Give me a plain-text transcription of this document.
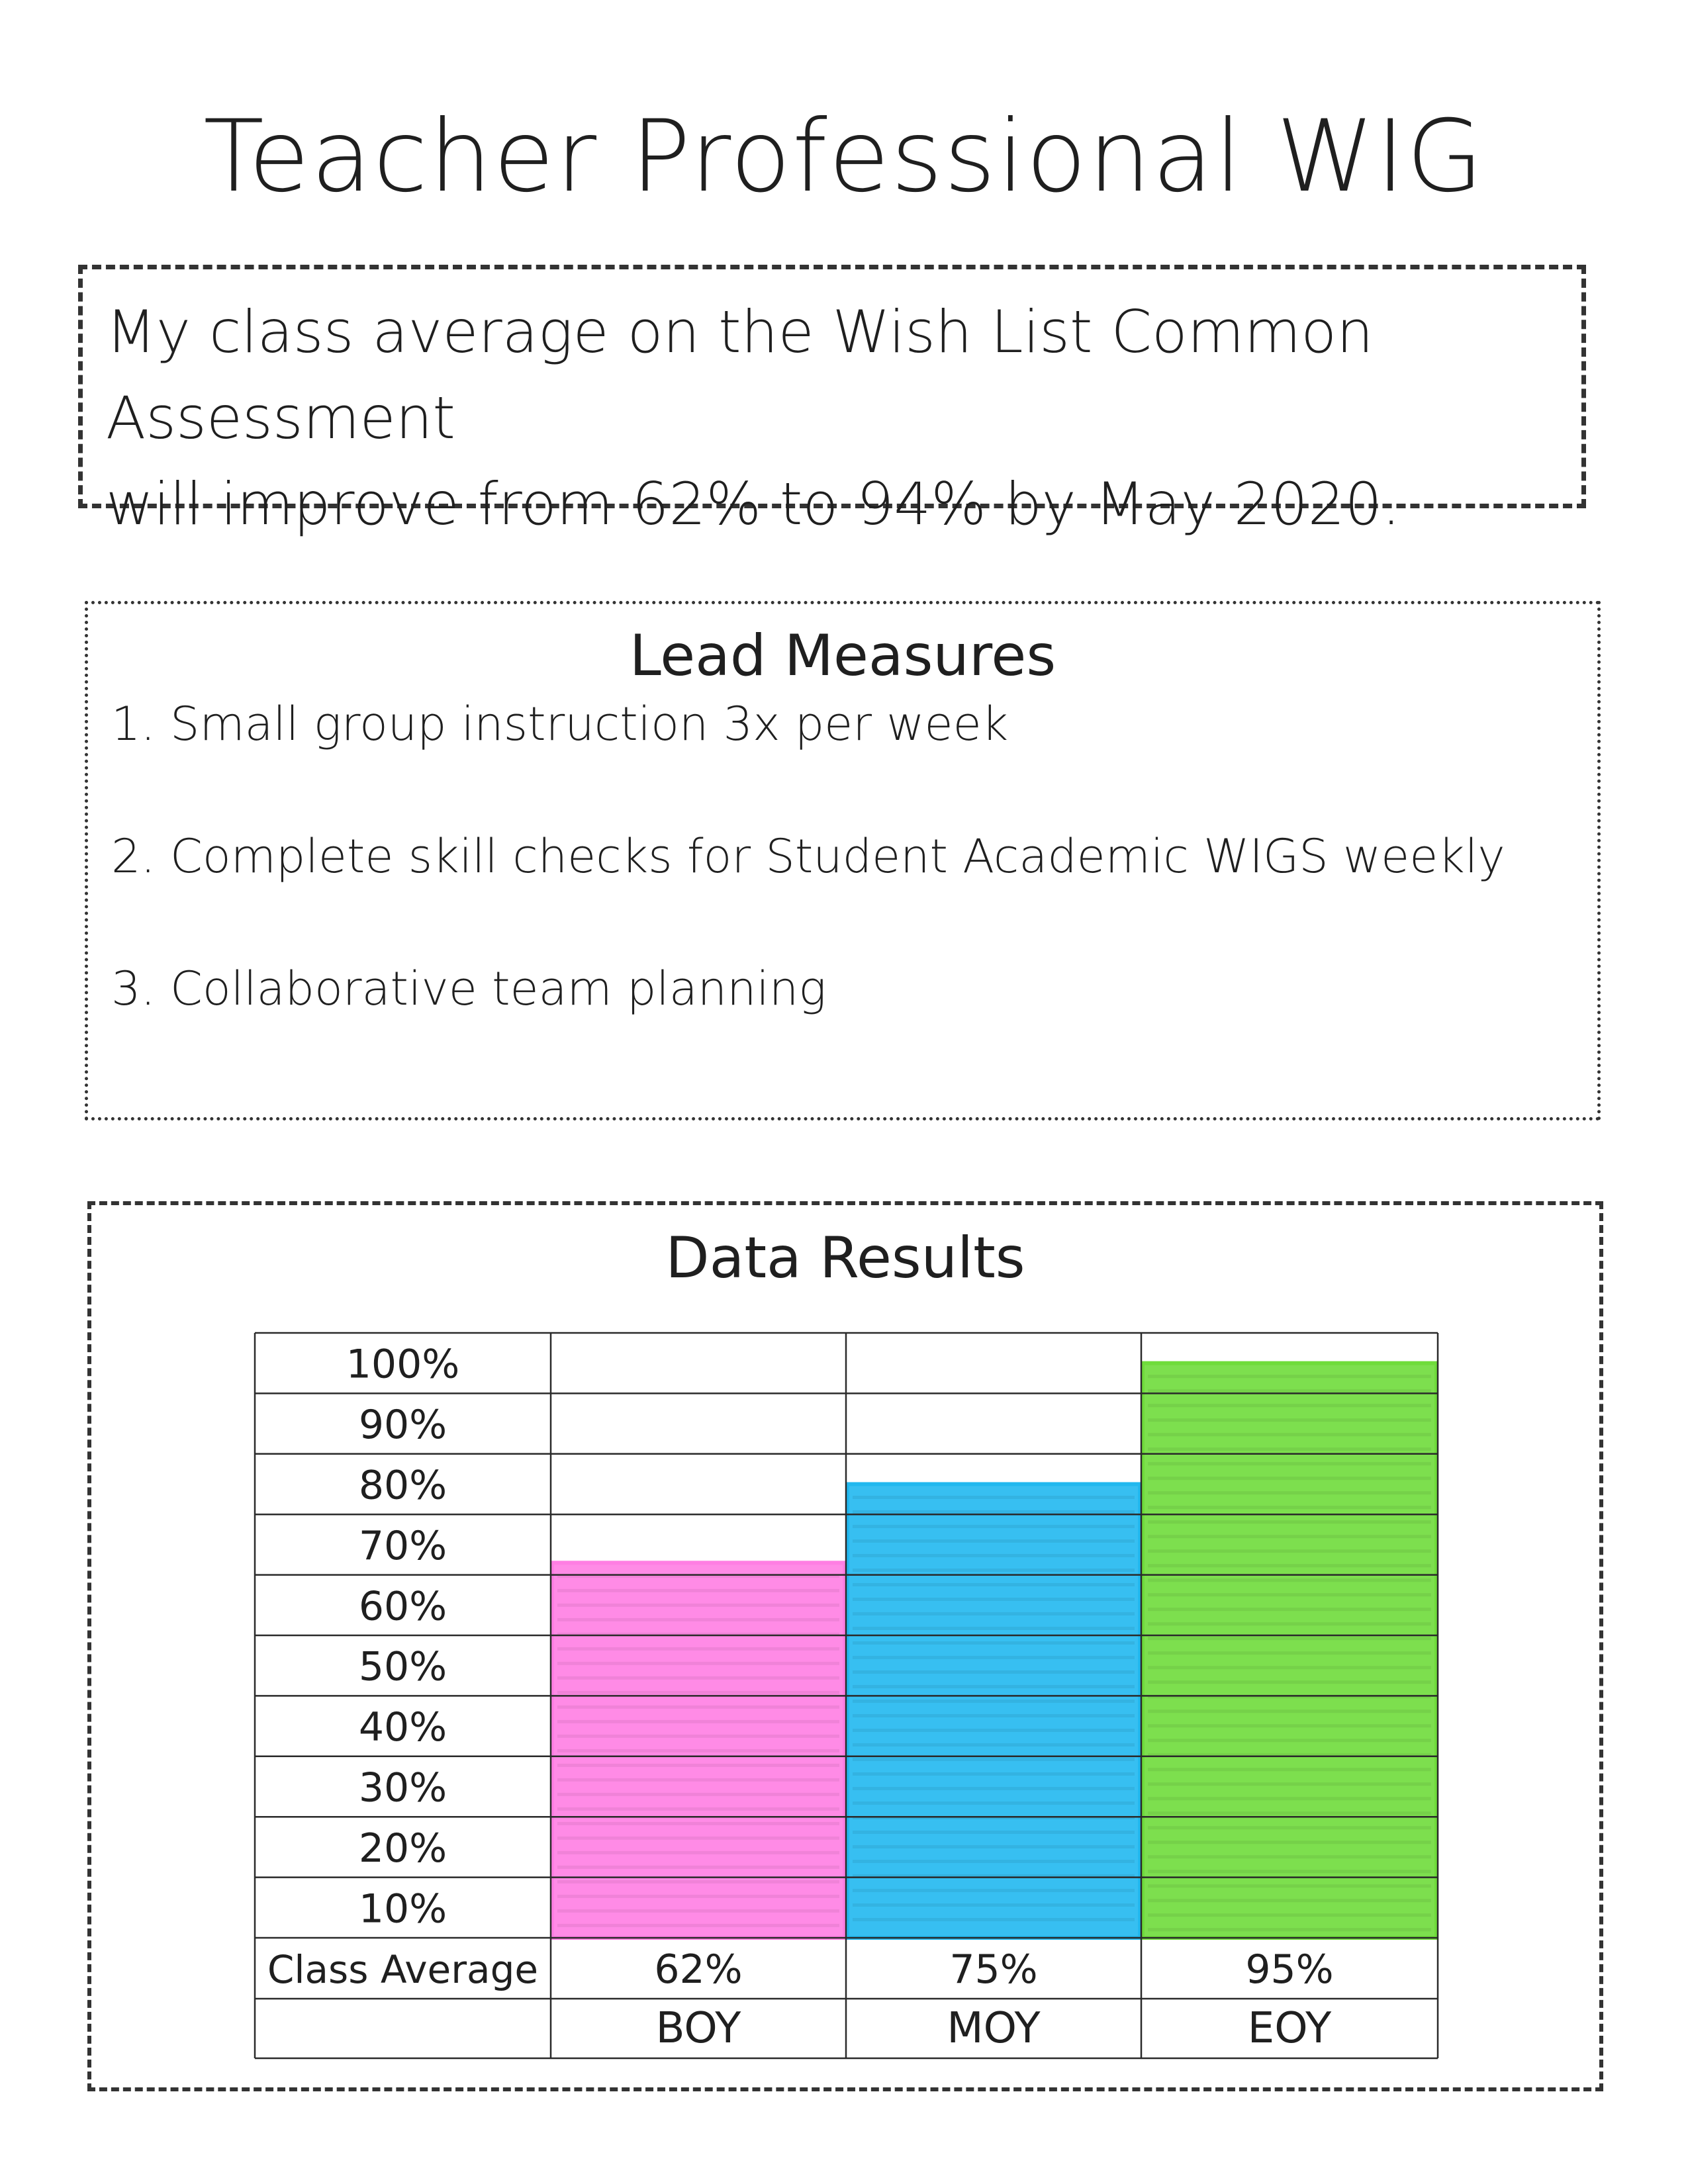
Teacher Professional WIG
My class average on the Wish List Common Assessment
will improve from 62% to 94% by May 2020.
Lead Measures
1. Small group instruction 3x per week
2. Complete skill checks for Student Academic WIGS weekly
3. Collaborative team planning
Data Results
100%
90%
80%
70%
60%
50%
40%
30%
20%
10%
Class Average	62%
BOY
75%
MOY
95%
EOY
